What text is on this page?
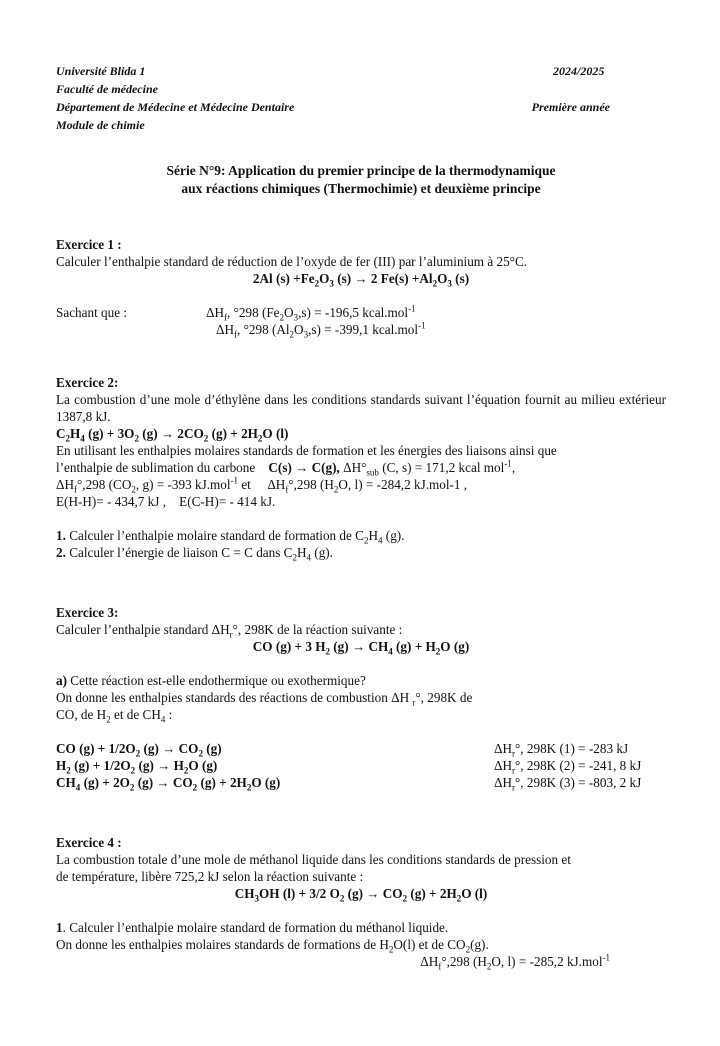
Université Blida 1	2024/2025
Faculté de médecine
Département de Médecine et Médecine Dentaire	Première année
Module de chimie
Série N°9: Application du premier principe de la thermodynamique
aux réactions chimiques (Thermochimie) et deuxième principe
Exercice 1 :
Calculer l’enthalpie standard de réduction de l’oxyde de fer (III) par l’aluminium à 25°C.
2Al $(s) +Fe_2O_3$ (s) → 2 $Fe(s) +Al_2O_3$ (s)
Sachant que :	$\Delta H_f$, °298 $(Fe_2O_3,s) = -196,5$ kcal.mol$^{-1}$
$\Delta H_f$, °298 $(Al_2O_3,s) = -399,1$ kcal.mol$^{-1}$
Exercice 2:
La combustion d’une mole d’éthylène dans les conditions standards suivant l’équation fournit au milieu extérieur 1387,8 kJ.
$C_2H_4$ $(g) + 3O_2$ $(g) \to 2CO_2$ $(g) + 2H_2O$ (l)
En utilisant les enthalpies molaires standards de formation et les énergies des liaisons ainsi que
l’enthalpie de sublimation du carbone    C(s) → C(g), $\Delta H^\circ_{sub}$ (C, s) = 171,2 kcal mol$^{-1}$,
$\Delta H_f^\circ,298$ ($CO_2$, g) = -393 kJ.mol$^{-1}$ et     $\Delta H_f^\circ,298$ ($H_2O$, l) = -284,2 kJ.mol-1 ,
E(H-H)= - 434,7 kJ ,    E(C-H)= - 414 kJ.
1. Calculer l’enthalpie molaire standard de formation de $C_2H_4$ (g).
2. Calculer l’énergie de liaison C = C dans $C_2H_4$ (g).
Exercice 3:
Calculer l’enthalpie standard $\Delta H_r^\circ$, 298K de la réaction suivante :
CO (g) + 3 $H_2$ $(g) \to CH_4$ $(g) + H_2O$ (g)
a) Cette réaction est-elle endothermique ou exothermique?
On donne les enthalpies standards des réactions de combustion ΔH $_r$°, 298K de
CO, de $H_2$ et de $CH_4$ :
CO $(g) + 1/2O_2$ $(g) \to CO_2$ (g)	$\Delta H_r^\circ$, 298K (1) = -283 kJ
$H_2$ $(g) + 1/2O_2$ $(g) \to H_2O$ (g)	$\Delta H_r^\circ$, 298K (2) = -241, 8 kJ
$CH_4$ $(g) + 2O_2$ $(g) \to CO_2$ $(g) + 2H_2O$ (g)	$\Delta H_r^\circ$, 298K (3) = -803, 2 kJ
Exercice 4 :
La combustion totale d’une mole de méthanol liquide dans les conditions standards de pression et
de température, libère 725,2 kJ selon la réaction suivante :
$CH_3OH$ (l) + 3/2 $O_2$ $(g) \to CO_2$ $(g) + 2H_2O$ (l)
1. Calculer l’enthalpie molaire standard de formation du méthanol liquide.
On donne les enthalpies molaires standards de formations de $H_2O(l)$ et de $CO_2(g)$.
$\Delta H_f^\circ,298$ ($H_2O$, l) = -285,2 kJ.mol$^{-1}$
